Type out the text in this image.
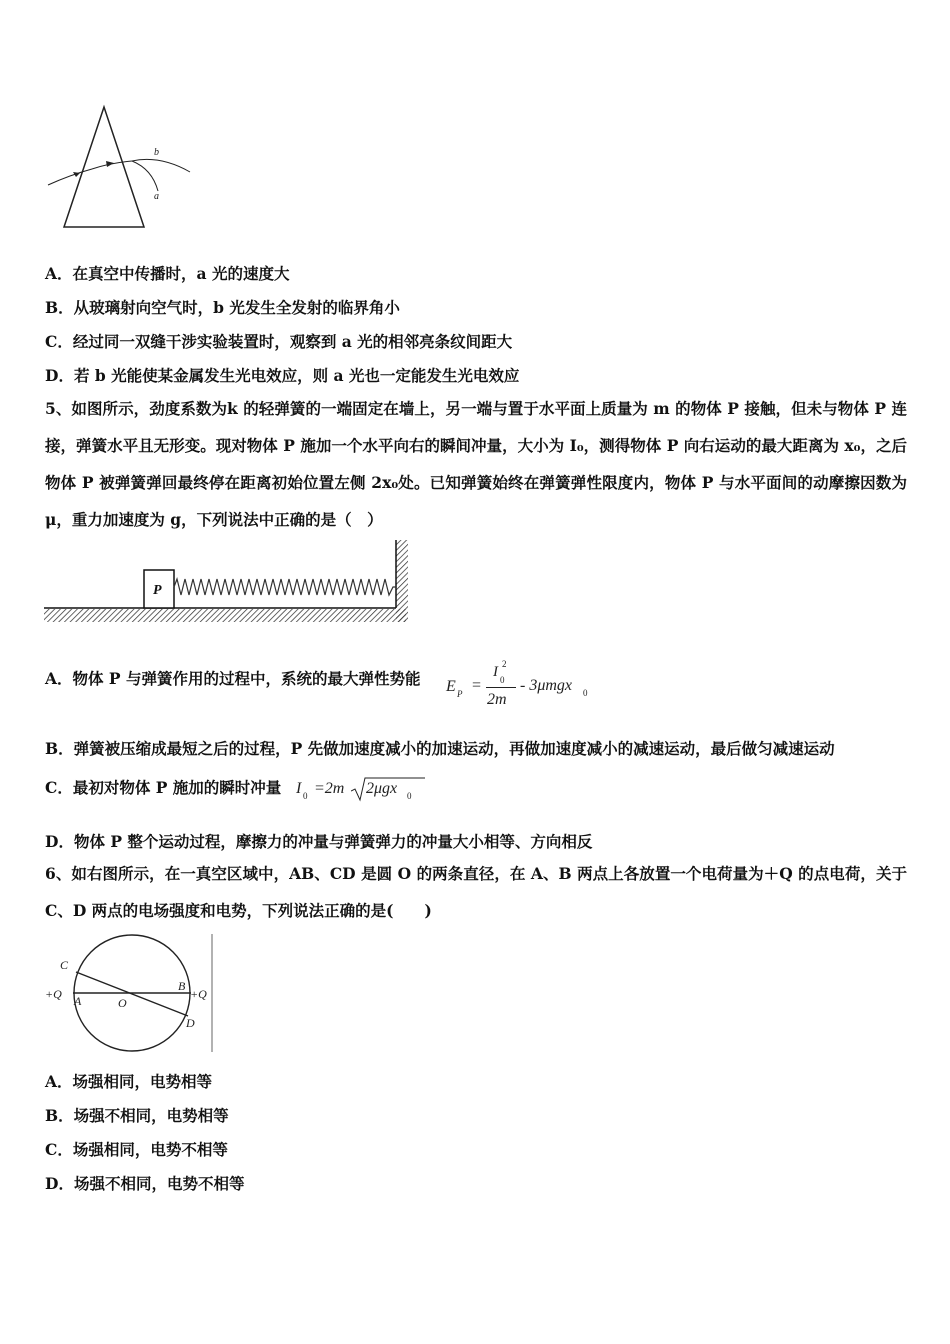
b
a
A．在真空中传播时，a 光的速度大
B．从玻璃射向空气时，b 光发生全发射的临界角小
C．经过同一双缝干涉实验装置时，观察到 a 光的相邻亮条纹间距大
D．若 b 光能使某金属发生光电效应，则 a 光也一定能发生光电效应
5、如图所示，劲度系数为k 的轻弹簧的一端固定在墙上，另一端与置于水平面上质量为 m 的物体 P 接触，但未与物体 P 连接，弹簧水平且无形变。现对物体 P 施加一个水平向右的瞬间冲量，大小为 I₀，测得物体 P 向右运动的最大距离为 x₀，之后物体 P 被弹簧弹回最终停在距离初始位置左侧 2x₀处。已知弹簧始终在弹簧弹性限度内，物体 P 与水平面间的动摩擦因数为 μ，重力加速度为 g，下列说法中正确的是（　）
P
A．物体 P 与弹簧作用的过程中，系统的最大弹性势能 E P =
I 2
0
2m
- 3μmgx 0
B．弹簧被压缩成最短之后的过程，P 先做加速度减小的加速运动，再做加速度减小的减速运动，最后做匀减速运动
C．最初对物体 P 施加的瞬时冲量 I 0 =2m 2μgx 0
D．物体 P 整个运动过程，摩擦力的冲量与弹簧弹力的冲量大小相等、方向相反
6、如右图所示，在一真空区域中，AB、CD 是圆 O 的两条直径，在 A、B 两点上各放置一个电荷量为＋Q 的点电荷，关于 C、D 两点的电场强度和电势，下列说法正确的是(　　)
C
+Q A	O
B
+Q
D
A．场强相同，电势相等
B．场强不相同，电势相等
C．场强相同，电势不相等
D．场强不相同，电势不相等
